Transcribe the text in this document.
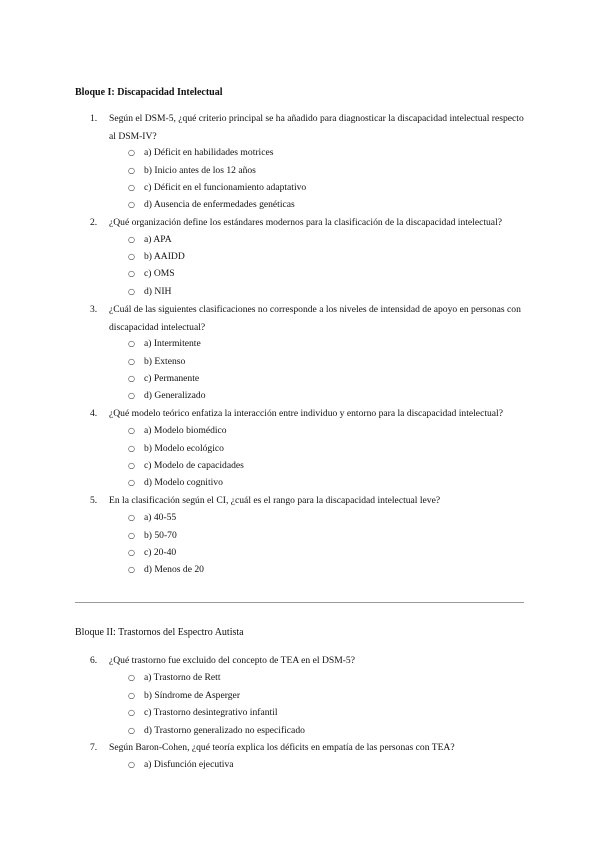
Bloque I: Discapacidad Intelectual
1. Según el DSM-5, ¿qué criterio principal se ha añadido para diagnosticar la discapacidad intelectual respecto al DSM-IV?
○ a) Déficit en habilidades motrices
○ b) Inicio antes de los 12 años
○ c) Déficit en el funcionamiento adaptativo
○ d) Ausencia de enfermedades genéticas
2. ¿Qué organización define los estándares modernos para la clasificación de la discapacidad intelectual?
○ a) APA
○ b) AAIDD
○ c) OMS
○ d) NIH
3. ¿Cuál de las siguientes clasificaciones no corresponde a los niveles de intensidad de apoyo en personas con discapacidad intelectual?
○ a) Intermitente
○ b) Extenso
○ c) Permanente
○ d) Generalizado
4. ¿Qué modelo teórico enfatiza la interacción entre individuo y entorno para la discapacidad intelectual?
○ a) Modelo biomédico
○ b) Modelo ecológico
○ c) Modelo de capacidades
○ d) Modelo cognitivo
5. En la clasificación según el CI, ¿cuál es el rango para la discapacidad intelectual leve?
○ a) 40-55
○ b) 50-70
○ c) 20-40
○ d) Menos de 20
Bloque II: Trastornos del Espectro Autista
6. ¿Qué trastorno fue excluido del concepto de TEA en el DSM-5?
○ a) Trastorno de Rett
○ b) Síndrome de Asperger
○ c) Trastorno desintegrativo infantil
○ d) Trastorno generalizado no especificado
7. Según Baron-Cohen, ¿qué teoría explica los déficits en empatía de las personas con TEA?
○ a) Disfunción ejecutiva
